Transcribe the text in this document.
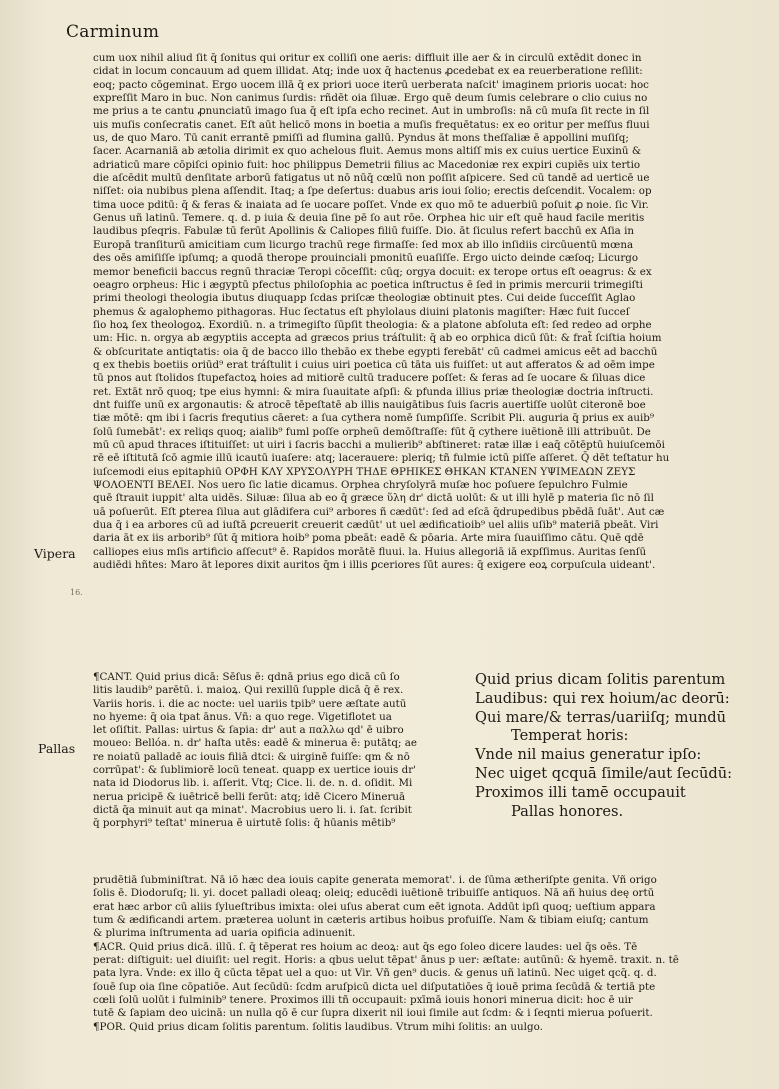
Carminum
cum uox nihil aliud ſit q̄ ſonitus qui oritur ex colliſi one aeris: diffluit ille aer & in circulū extēdit donec in
cidat in locum concauum ad quem illidat. Atq; inde uox q̄ hactenus ꝓcedebat ex ea reuerberatione reſilit:
eoq; pacto cōgeminat. Ergo uocem illā q̄ ex priori uoce iterū uerberata naſcit' imaginem prioris uocat: hoc
expreſſit Maro in buc. Non canimus ſurdis: rñdēt oia ſiluæ. Ergo quē deum ſumis celebrare o clio cuius no
me prius a te cantu ꝓnunciatū imago ſua q̄ eſt ipſa echo recinet. Aut in umbroſis: nā cū muſa ſit recte in ſil
uis muſis conſecratis canet. Eſt aūt helicō mons in boetia a muſis frequētatus: ex eo oritur per meſſus fluui
us, de quo Maro. Tū canit errantē pmiſſi ad flumina gallū. Pyndus āt mons theſſaliæ ē appollini muſiſq;
ſacer. Acarnaniā ab ætolia dirimit ex quo achelous fluit. Aemus mons altiſſ mis ex cuius uertice Euxinū &
adriaticū mare cōpiſci opinio fuit: hoc philippus Demetrii filius ac Macedoniæ rex expiri cupiēs uix tertio
die aſcēdit multū denſitate arborū fatigatus ut nō nūq̄ cœlū non poſſit aſpicere. Sed cū tandē ad uerticē ue
niſſet: oia nubibus plena aſſendit. Itaq; a ſpe deſertus: duabus aris ioui ſolio; erectis deſcendit. Vocalem: op
tima uoce pditū: q̄ & feras & inaiata ad ſe uocare poſſet. Vnde ex quo mō te aduerbiū poſuit ꝓ noie. ſic Vir.
Genus uñ latinū. Temere. q. d. p iuia & deuia ſine pē ſo aut rōe. Orphea hic uir eſt quē haud facile meritis
laudibus pſeqris. Fabulæ tū ferūt Apollinis & Caliopes filiū fuiſſe. Dio. āt ſiculus refert bacchū ex Aſia in
Europā tranſiturū amicitiam cum licurgo trachū rege firmaſſe: ſed mox ab illo inſidiis circūuentū mœna
des oēs amiſiſſe ipſumq; a quodā therope prouinciali pmonitū euaſiſſe. Ergo uicto deinde cæſoq; Licurgo
memor beneficii baccus regnū thraciæ Teropi cōceſſit: cūq; orgya docuit: ex terope ortus eſt oeagrus: & ex
oeagro orpheus: Hic i ægyptū pfectus philoſophia ac poetica inſtructus ē ſed in primis mercurii trimegiſti
primi theologi theologia ibutus diuquapp ſcdas priſcæ theologiæ obtinuit ptes. Cui deide ſucceſſit Aglao
phemus & agalophemo pithagoras. Huc ſectatus eſt phylolaus diuini platonis magiſter: Hæc fuit ſucceſ
ſio hoꝝ ſex theologoꝝ. Exordiū. n. a trimegiſto ſūpſit theologia: & a platone abſoluta eſt: ſed redeo ad orphe
um: Hic. n. orgya ab ægyptiis accepta ad græcos prius tráſtulit: q̄ ab eo orphica dicū ſūt: & frat̃ ſciſtia hoium
& obſcuritate antiqtatis: oia q̄ de bacco illo thebāo ex thebe egypti ferebāt' cū cadmei amicus eēt ad bacchū
q ex thebis boetiis oriūd⁹ erat tráſtulit i cuius uiri poetica cū tāta uis fuiſſet: ut aut afferatos & ad oēm impe
tū pnos aut ſtolidos ſtupefactoꝝ hoies ad mitiorē cultū traducere poſſet: & feras ad ſe uocare & ſiluas dice
ret. Extāt nrō quoq; tpe eius hymni: & mira ſuauitate aſpſi: & pfunda illius priæ theologiæ doctria inſtructi.
dnt fuiſſe unū ex argonautis: & atrocē tēpeſtatē ab illis nauigātibus ſuis ſacris auertiſſe uolūt citeronē boe
tiæ mōtē: qm ibi i ſacris frequtius cāeret: a ſua cythera nomē ſumpſiſſe. Scribit Pli. auguria q̄ prius ex auib⁹
ſolū ſumebāt': ex reliqs quoq; aialib⁹ fuml poſſe orpheū demōſtraſſe: fūt q̄ cythere iuētionē illi attribuūt. De
mū cū apud thraces iſtituiſſet: ut uiri i ſacris bacchi a mulierib⁹ abſtineret: ratæ illæ i eaq̄ cōtēptū huiuſcemōi
rē eē iſtitutā ſcō agmie illū icautū iuaſere: atq; lacerauere: pleriq; tñ fulmie ictū piſſe aſſeret. Q̄ dēt teſtatur hu
iuſcemodi eius epitaphiū ΟΡΦΗ ΚΛΥ ΧΡΥΣΟΛΥΡΗ ΤΗΔΕ ΘΡΗΙΚΕΣ ΘΗΚΑΝ ΚΤΑΝΕΝ ΥΨΙΜΕΔΩΝ ΖΕΥΣ
ΨΟΛΟΕΝΤΙ ΒΕΛΕΙ. Nos uero ſic latie dicamus. Orphea chryſolyrā muſæ hoc poſuere ſepulchro Fulmie
quē ſtrauit iuppit' alta uidēs. Siluæ: ſilua ab eo q̄ græce ὕλη dr' dictā uolūt: & ut illi hylē p materia ſic nō ſil
uā poſuerūt. Eſt ꝑterea ſilua aut glādifera cui⁹ arbores ñ cædūt': ſed ad eſcā q̄drupedibus pbēdā ſuāt'. Aut cæ
dua q̄ i ea arbores cū ad iuſtā ꝑcreuerit creuerit cædūt' ut uel ædificatioib⁹ uel aliis uſib⁹ materiā pbeāt. Viri
daria āt ex iis arborib⁹ ſūt q̄ mitiora hoib⁹ poma pbeāt: eadē & pōaria. Arte mira ſuauiſſimo cātu. Quē qdē
calliopes eius mſis artificio aſſecut⁹ ē. Rapidos morātē fluui. la. Huius allegoriā iā expſſimus. Auritas ſenſū
audiēdi hñtes: Maro āt lepores dixit auritos q̄m i illis ꝑceriores ſūt aures: q̄ exigere eoꝝ corpuſcula uideant'.
Vipera
16.
Pallas
¶CANT. Quid prius dicā: Sēſus ē: qdnā prius ego dicā cū ſo
litis laudib⁹ parētū. i. maioꝝ. Qui rexillū ſupple dicā q̄ ē rex.
Variis horis. i. die ac nocte: uel uariis tpib⁹ uere æſtate autū
no hyeme: q̄ oia tpat ānus. Vñ: a quo rege. Vigetiflotet ua
let oſiſtit. Pallas: uirtus & ſapia: dr' aut a παλλω qd' ē uibro
moueo: Bellóa. n. dr' haſta utēs: eadē & minerua ē: putātq; ae
re noiatū palladē ac iouis filiā dtci: & uirginē fuiſſe: qm & nō
corrūpat': & ſublimiorē locū teneat. quapp ex uertice iouis dr'
nata id Diodorus lib. i. aſſerit. Vtq; Cice. li. de. n. d. oſidit. Mi
nerua pricipē & iuētricē belli ferūt: atq; idē Cicero Mineruā
dictā q̄a minuit aut qa minat'. Macrobius uero li. i. ſat. ſcribit
q̄ porphyri⁹ teſtat' minerua ē uirtutē ſolis: q̄ hūanis mētib⁹
Quid prius dicam ſolitis parentum
Laudibus: qui rex hoium/ac deorū:
Qui mare/& terras/uariiſq; mundū
Temperat horis:
Vnde nil maius generatur ipſo:
Nec uiget qcquā ſimile/aut ſecūdū:
Proximos illi tamē occupauit
Pallas honores.
prudētiā ſubminiſtrat. Nā iō hæc dea iouis capite generata memorat'. i. de ſūma ætheriſpte genita. Vñ origo
ſolis ē. Diodoruſq; li. yi. docet palladi oleaq; oleiq; educēdi iuētionē tribuiſſe antiquos. Nā añ huius deę ortū
erat hæc arbor cū aliis ſylueſtribus imixta: olei uſus aberat cum eēt ignota. Addūt ipſi quoq; ueſtium appara
tum & ædificandi artem. præterea uolunt in cæteris artibus hoibus profuiſſe. Nam & tibiam eiuſq; cantum
& plurima inſtrumenta ad uaria opificia adinuenit.
¶ACR. Quid prius dicā. illū. ſ. q̄ tēperat res hoium ac deoꝝ: aut q̄s ego ſoleo dicere laudes: uel q̄s oēs. Tē
perat: diſtiguit: uel diuiſit: uel regit. Horis: a qbus uelut tēpat' ānus p uer: æſtate: autūnū: & hyemē. traxit. n. tē
pata lyra. Vnde: ex illo q̄ cūcta tēpat uel a quo: ut Vir. Vñ gen⁹ ducis. & genus uñ latinū. Nec uiget qcq̄. q. d.
ſouē ſup oia ſine cōpatiōe. Aut ſecūdū: ſcdm aruſpicū dicta uel diſputatiōes q̄ iouē prima ſecūdā & tertiā pte
cœli ſolū uolūt i fulminib⁹ tenere. Proximos illi tñ occupauit: pxīmā iouis honori minerua dicit: hoc ē uir
tutē & ſapiam deo uicinā: un nulla qō ē cur ſupra dixerit nil ioui ſimile aut ſcdm: & i ſeqnti mierua poſuerit.
¶POR. Quid prius dicam ſolitis parentum. ſolitis laudibus. Vtrum mihi ſolitis: an uulgo.
